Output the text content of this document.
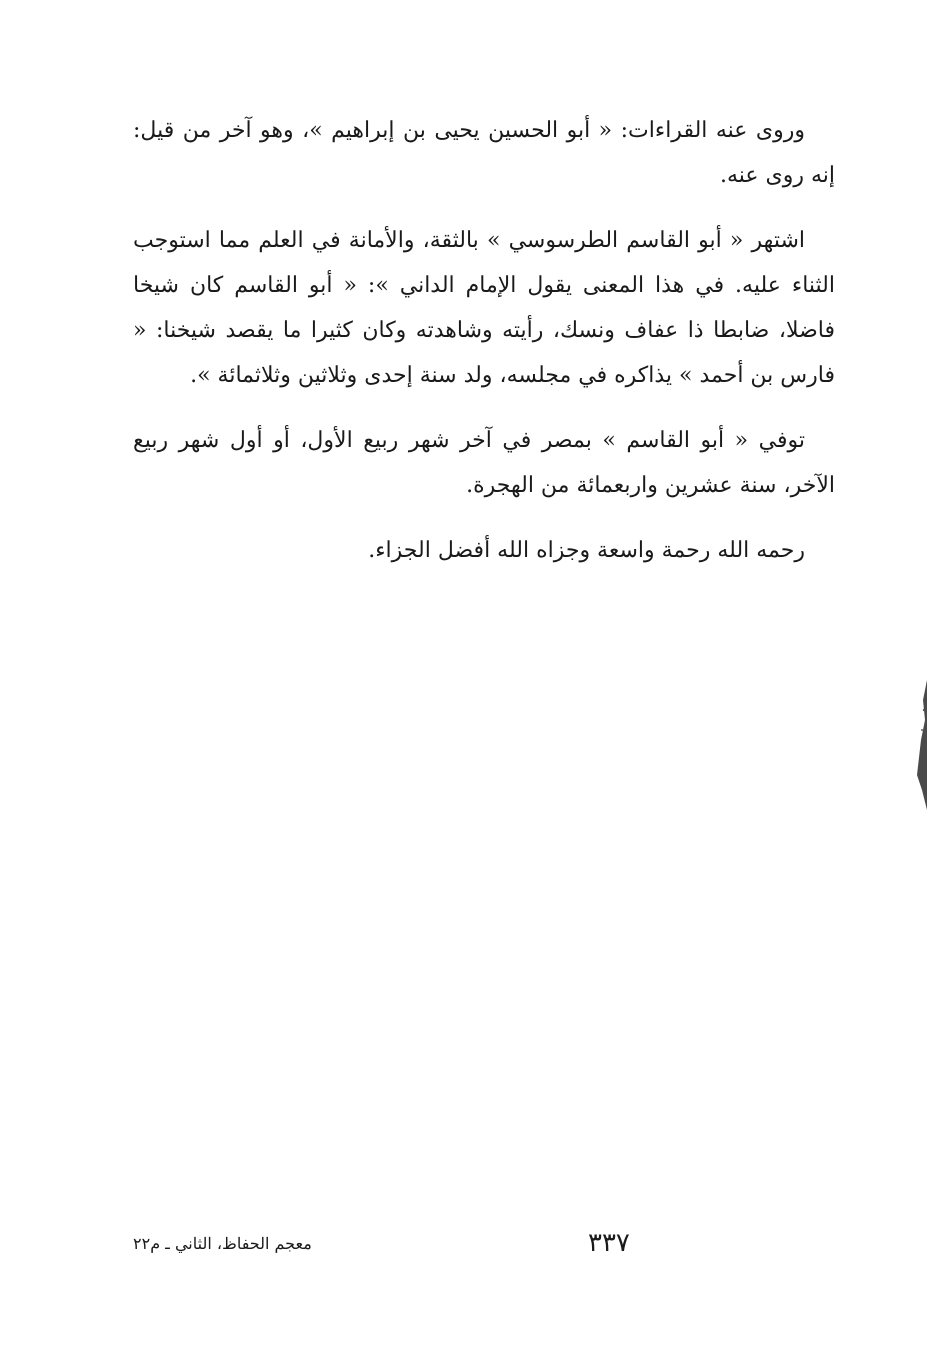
وروى عنه القراءات: « أبو الحسين يحيى بن إبراهيم »، وهو آخر من قيل: إنه روى عنه.

اشتهر « أبو القاسم الطرسوسي » بالثقة، والأمانة في العلم مما استوجب الثناء عليه. في هذا المعنى يقول الإمام الداني »: « أبو القاسم كان شيخا فاضلا، ضابطا ذا عفاف ونسك، رأيته وشاهدته وكان كثيرا ما يقصد شيخنا: « فارس بن أحمد » يذاكره في مجلسه، ولد سنة إحدى وثلاثين وثلاثمائة ».

توفي « أبو القاسم » بمصر في آخر شهر ربيع الأول، أو أول شهر ربيع الآخر، سنة عشرين واربعمائة من الهجرة.

رحمه الله رحمة واسعة وجزاه الله أفضل الجزاء.

٣٣٧
معجم الحفاظ، الثاني ـ م٢٢
